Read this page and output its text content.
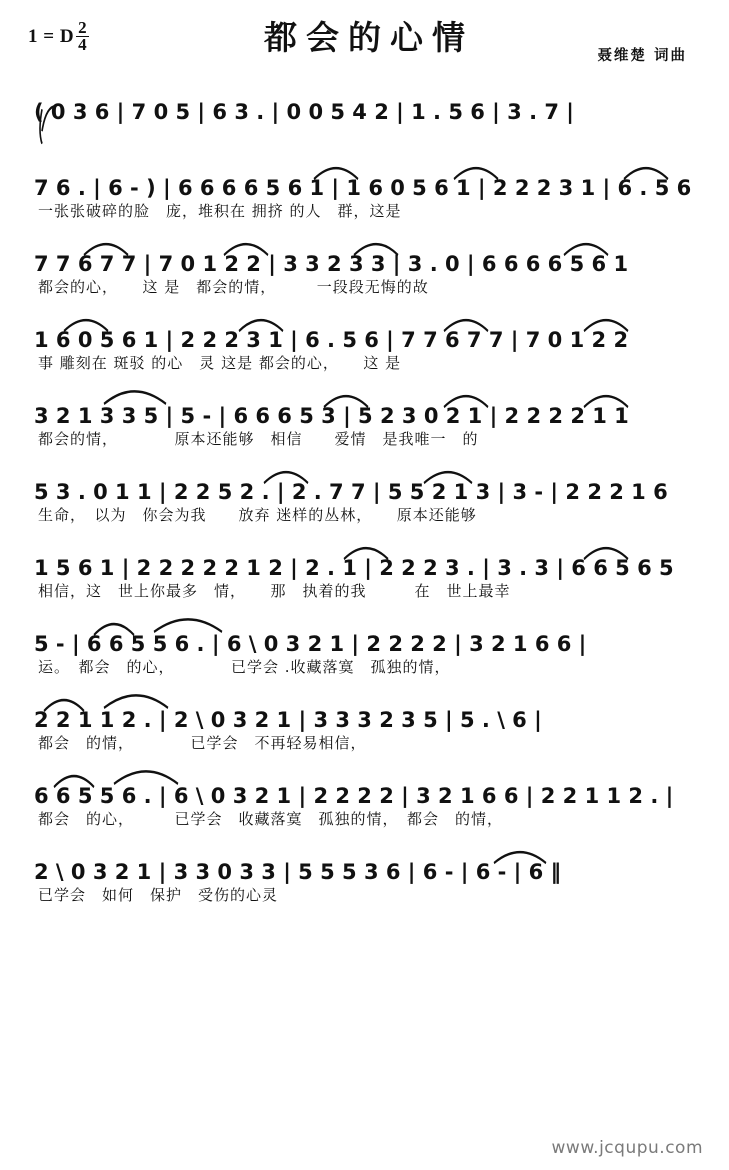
1 = D $\frac{2}{4}$	都会的心情	聂维楚 词曲
( 0 3 6 | 7 0 5 | 6 3 . | 0 0 5 4 2 | 1 . 5 6 | 3 . 7 |
7 6 . | 6 - ) | 6 6 6 6 5 6 1 | 1 6 0 5 6 1 | 2 2 2 3 1 | 6 . 5 6
一张张破碎的脸　庞，堆积在 拥挤 的人　群，这是
7 7 6 7 7 | 7 0 1 2 2 | 3 3 2 3 3 | 3 . 0 | 6 6 6 6 5 6 1
都会的心，　　这 是　都会的情，　　　一段段无悔的故
1 6 0 5 6 1 | 2 2 2 3 1 | 6 . 5 6 | 7 7 6 7 7 | 7 0 1 2 2
事 雕刻在 斑驳 的心　灵 这是 都会的心，　　这 是
3 2 1 3 3 5 | 5 - | 6 6 6 5 3 | 5 2 3 0 2 1 | 2 2 2 2 1 1
都会的情，　　　　原本还能够　相信　　爱情　是我唯一　的
5 3 . 0 1 1 | 2 2 5 2 . | 2 . 7 7 | 5 5 2 1 3 | 3 - | 2 2 2 1 6
生命，　以为　你会为我　　放弃 迷样的丛林，　　原本还能够
1 5 6 1 | 2 2 2 2 2 1 2 | 2 . 1 | 2 2 2 3 . | 3 . 3 | 6 6 5 6 5
相信，这　世上你最多　情，　　那　执着的我　　　在　世上最幸
5 - | 6 6 5 5 6 . | 6 \ 0 3 2 1 | 2 2 2 2 | 3 2 1 6 6 |
运。　都会　的心，　　　　已学会 .收藏落寞　孤独的情，
2 2 1 1 2 . | 2 \ 0 3 2 1 | 3 3 3 2 3 5 | 5 . \ 6 |
都会　的情，　　　　已学会　不再轻易相信，
6 6 5 5 6 . | 6 \ 0 3 2 1 | 2 2 2 2 | 3 2 1 6 6 | 2 2 1 1 2 . |
都会　的心，　　　已学会　收藏落寞　孤独的情，　都会　的情，
2 \ 0 3 2 1 | 3 3 0 3 3 | 5 5 5 3 6 | 6 - | 6 - | 6 ‖
已学会　如何　保护　受伤的心灵
www.jcqupu.com
